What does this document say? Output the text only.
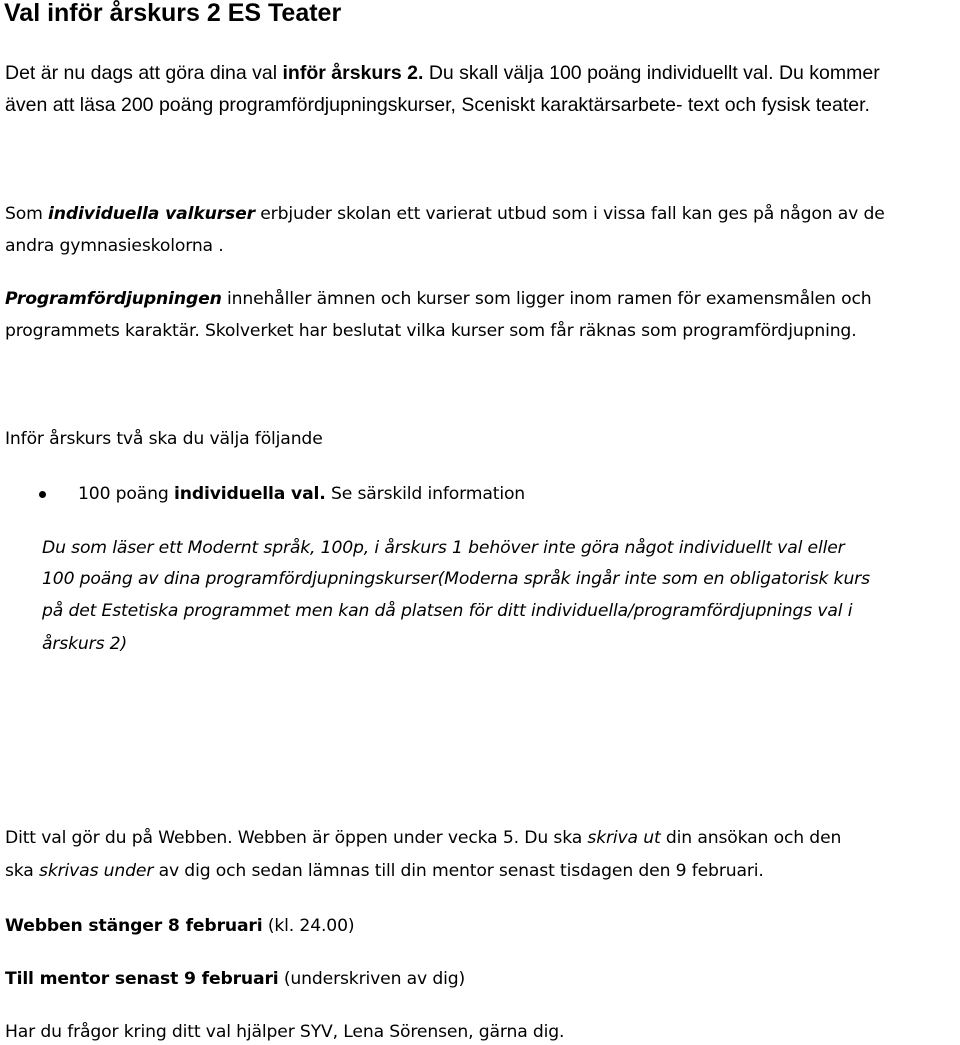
Val inför årskurs 2 ES Teater

Det är nu dags att göra dina val inför årskurs 2. Du skall välja 100 poäng individuellt val. Du kommer

även att läsa 200 poäng programfördjupningskurser, Sceniskt karaktärsarbete- text och fysisk teater.

Som individuella valkurser erbjuder skolan ett varierat utbud som i vissa fall kan ges på någon av de

andra gymnasieskolorna .

Programfördjupningen innehåller ämnen och kurser som ligger inom ramen för examensmålen och

programmets karaktär. Skolverket har beslutat vilka kurser som får räknas som programfördjupning.

Inför årskurs två ska du välja följande

100 poäng individuella val. Se särskild information

Du som läser ett Modernt språk, 100p, i årskurs 1 behöver inte göra något individuellt val eller

100 poäng av dina programfördjupningskurser(Moderna språk ingår inte som en obligatorisk kurs

på det Estetiska programmet men kan då platsen för ditt individuella/programfördjupnings val i

årskurs 2)

Ditt val gör du på Webben. Webben är öppen under vecka 5. Du ska skriva ut din ansökan och den

ska skrivas under av dig och sedan lämnas till din mentor senast tisdagen den 9 februari.

Webben stänger 8 februari (kl. 24.00)

Till mentor senast 9 februari (underskriven av dig)

Har du frågor kring ditt val hjälper SYV, Lena Sörensen, gärna dig.
